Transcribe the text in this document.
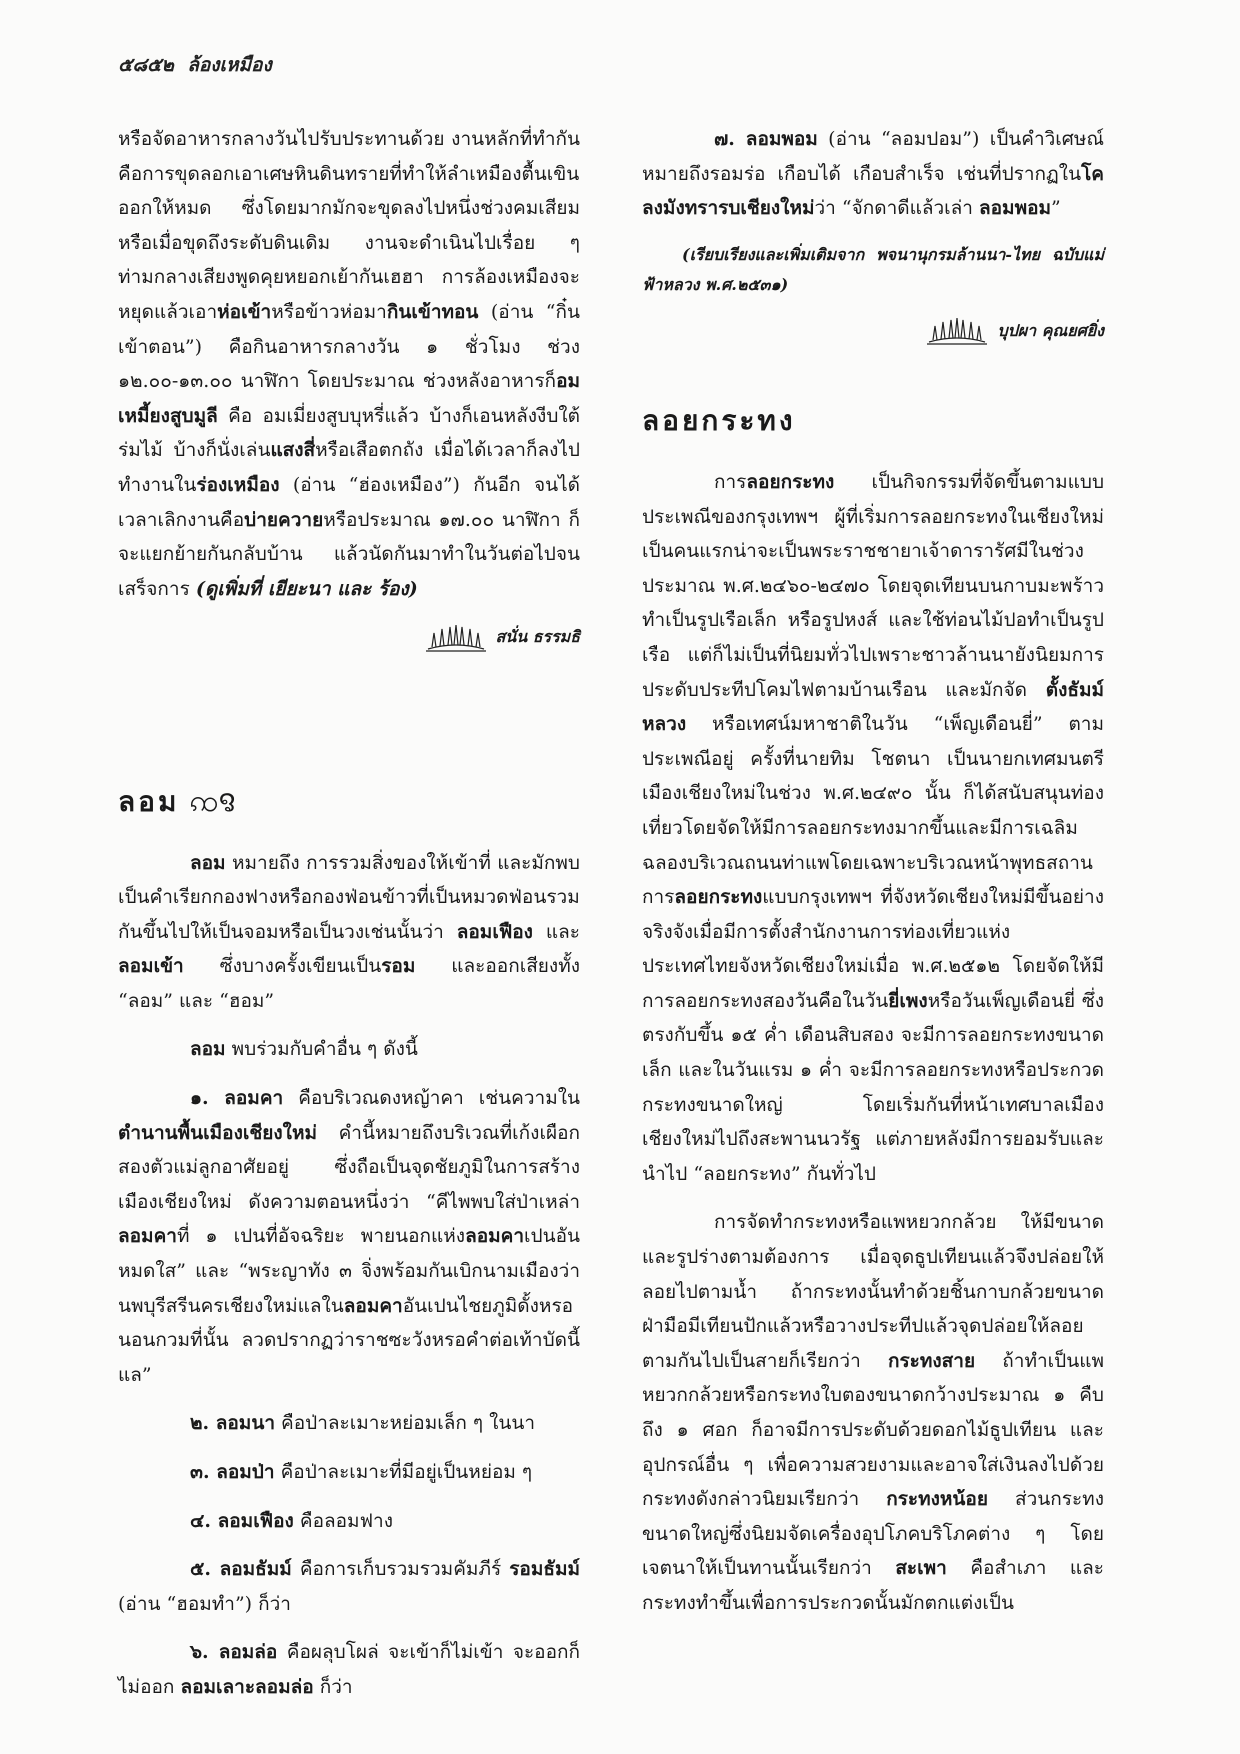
๕๘๕๒ ล้องเหมือง

หรือจัดอาหารกลางวันไปรับประทานด้วย งานหลักที่ทำกันคือการขุดลอกเอาเศษหินดินทรายที่ทำให้ลำเหมืองตื้นเขินออกให้หมด ซึ่งโดยมากมักจะขุดลงไปหนึ่งช่วงคมเสียมหรือเมื่อขุดถึงระดับดินเดิม งานจะดำเนินไปเรื่อย ๆ ท่ามกลางเสียงพูดคุยหยอกเย้ากันเฮฮา การล้องเหมืองจะหยุดแล้วเอาห่อเข้าหรือข้าวห่อมากินเข้าทอน (อ่าน “กิ๋นเข้าตอน”) คือกินอาหารกลางวัน ๑ ชั่วโมง ช่วง ๑๒.๐๐-๑๓.๐๐ นาฬิกา โดยประมาณ ช่วงหลังอาหารก็อมเหมี้ยงสูบมูลี คือ อมเมี่ยงสูบบุหรี่แล้ว บ้างก็เอนหลังงีบใต้ร่มไม้ บ้างก็นั่งเล่นแสงสี่หรือเสือตกถัง เมื่อได้เวลาก็ลงไปทำงานในร่องเหมือง (อ่าน “ฮ่องเหมือง”) กันอีก จนได้เวลาเลิกงานคือบ่ายควายหรือประมาณ ๑๗.๐๐ นาฬิกา ก็จะแยกย้ายกันกลับบ้าน แล้วนัดกันมาทำในวันต่อไปจนเสร็จการ (ดูเพิ่มที่ เยียะนา และ ร้อง)

สนั่น ธรรมธิ
ลอม ꩡꨅ

ลอม หมายถึง การรวมสิ่งของให้เข้าที่ และมักพบเป็นคำเรียกกองฟางหรือกองฟ่อนข้าวที่เป็นหมวดฟ่อนรวมกันขึ้นไปให้เป็นจอมหรือเป็นวงเช่นนั้นว่า ลอมเฟือง และ ลอมเข้า ซึ่งบางครั้งเขียนเป็นรอม และออกเสียงทั้ง “ลอม” และ “ฮอม”

ลอม พบร่วมกับคำอื่น ๆ ดังนี้

๑. ลอมคา คือบริเวณดงหญ้าคา เช่นความในตำนานพื้นเมืองเชียงใหม่ คำนี้หมายถึงบริเวณที่เก้งเผือกสองตัวแม่ลูกอาศัยอยู่ ซึ่งถือเป็นจุดชัยภูมิในการสร้างเมืองเชียงใหม่ ดังความตอนหนึ่งว่า “คีไพพบใส่ป่าเหล่าลอมคาที่ ๑ เปนที่อัจฉริยะ พายนอกแห่งลอมคาเปนอันหมดใส” และ “พระญาทัง ๓ จิ่งพร้อมกันเบิกนามเมืองว่านพบุรีสรีนครเชียงใหม่แลในลอมคาอันเปนไชยภูมิดั้งหรอนอนกวมที่นั้น ลวดปรากฏว่าราชซะวังหรอคำต่อเท้าบัดนี้แล”

๒. ลอมนา คือป่าละเมาะหย่อมเล็ก ๆ ในนา

๓. ลอมป่า คือป่าละเมาะที่มีอยู่เป็นหย่อม ๆ

๔. ลอมเฟือง คือลอมฟาง

๕. ลอมธัมม์ คือการเก็บรวมรวมคัมภีร์ รอมธัมม์ (อ่าน “ฮอมทำ”) ก็ว่า

๖. ลอมล่อ คือผลุบโผล่ จะเข้าก็ไม่เข้า จะออกก็ไม่ออก ลอมเลาะลอมล่อ ก็ว่า

๗. ลอมพอม (อ่าน “ลอมปอม”) เป็นคำวิเศษณ์ หมายถึงรอมร่อ เกือบได้ เกือบสำเร็จ เช่นที่ปรากฏในโคลงมังทรารบเชียงใหม่ว่า “จักดาดีแล้วเล่า ลอมพอม”

(เรียบเรียงและเพิ่มเติมจาก พจนานุกรมล้านนา-ไทย ฉบับแม่ฟ้าหลวง พ.ศ.๒๕๓๑)

บุปผา คุณยศยิ่ง
ลอยกระทง

การลอยกระทง เป็นกิจกรรมที่จัดขึ้นตามแบบประเพณีของกรุงเทพฯ ผู้ที่เริ่มการลอยกระทงในเชียงใหม่เป็นคนแรกน่าจะเป็นพระราชชายาเจ้าดารารัศมีในช่วงประมาณ พ.ศ.๒๔๖๐-๒๔๗๐ โดยจุดเทียนบนกาบมะพร้าวทำเป็นรูปเรือเล็ก หรือรูปหงส์ และใช้ท่อนไม้ปอทำเป็นรูปเรือ แต่ก็ไม่เป็นที่นิยมทั่วไปเพราะชาวล้านนายังนิยมการประดับประทีปโคมไฟตามบ้านเรือน และมักจัด ตั้งธัมม์หลวง หรือเทศน์มหาชาติในวัน “เพ็ญเดือนยี่” ตามประเพณีอยู่ ครั้งที่นายทิม โชตนา เป็นนายกเทศมนตรีเมืองเชียงใหม่ในช่วง พ.ศ.๒๔๙๐ นั้น ก็ได้สนับสนุนท่องเที่ยวโดยจัดให้มีการลอยกระทงมากขึ้นและมีการเฉลิมฉลองบริเวณถนนท่าแพโดยเฉพาะบริเวณหน้าพุทธสถาน การลอยกระทงแบบกรุงเทพฯ ที่จังหวัดเชียงใหม่มีขึ้นอย่างจริงจังเมื่อมีการตั้งสำนักงานการท่องเที่ยวแห่งประเทศไทยจังหวัดเชียงใหม่เมื่อ พ.ศ.๒๕๑๒ โดยจัดให้มีการลอยกระทงสองวันคือในวันยี่เพงหรือวันเพ็ญเดือนยี่ ซึ่งตรงกับขึ้น ๑๕ ค่ำ เดือนสิบสอง จะมีการลอยกระทงขนาดเล็ก และในวันแรม ๑ ค่ำ จะมีการลอยกระทงหรือประกวดกระทงขนาดใหญ่ โดยเริ่มกันที่หน้าเทศบาลเมืองเชียงใหม่ไปถึงสะพานนวรัฐ แต่ภายหลังมีการยอมรับและนำไป “ลอยกระทง” กันทั่วไป

การจัดทำกระทงหรือแพหยวกกล้วย ให้มีขนาดและรูปร่างตามต้องการ เมื่อจุดธูปเทียนแล้วจึงปล่อยให้ลอยไปตามน้ำ ถ้ากระทงนั้นทำด้วยชิ้นกาบกล้วยขนาดฝ่ามือมีเทียนปักแล้วหรือวางประทีปแล้วจุดปล่อยให้ลอยตามกันไปเป็นสายก็เรียกว่า กระทงสาย ถ้าทำเป็นแพหยวกกล้วยหรือกระทงใบตองขนาดกว้างประมาณ ๑ คืบถึง ๑ ศอก ก็อาจมีการประดับด้วยดอกไม้ธูปเทียน และอุปกรณ์อื่น ๆ เพื่อความสวยงามและอาจใส่เงินลงไปด้วย กระทงดังกล่าวนิยมเรียกว่า กระทงหน้อย ส่วนกระทงขนาดใหญ่ซึ่งนิยมจัดเครื่องอุปโภคบริโภคต่าง ๆ โดยเจตนาให้เป็นทานนั้นเรียกว่า สะเพา คือสำเภา และกระทงทำขึ้นเพื่อการประกวดนั้นมักตกแต่งเป็น
